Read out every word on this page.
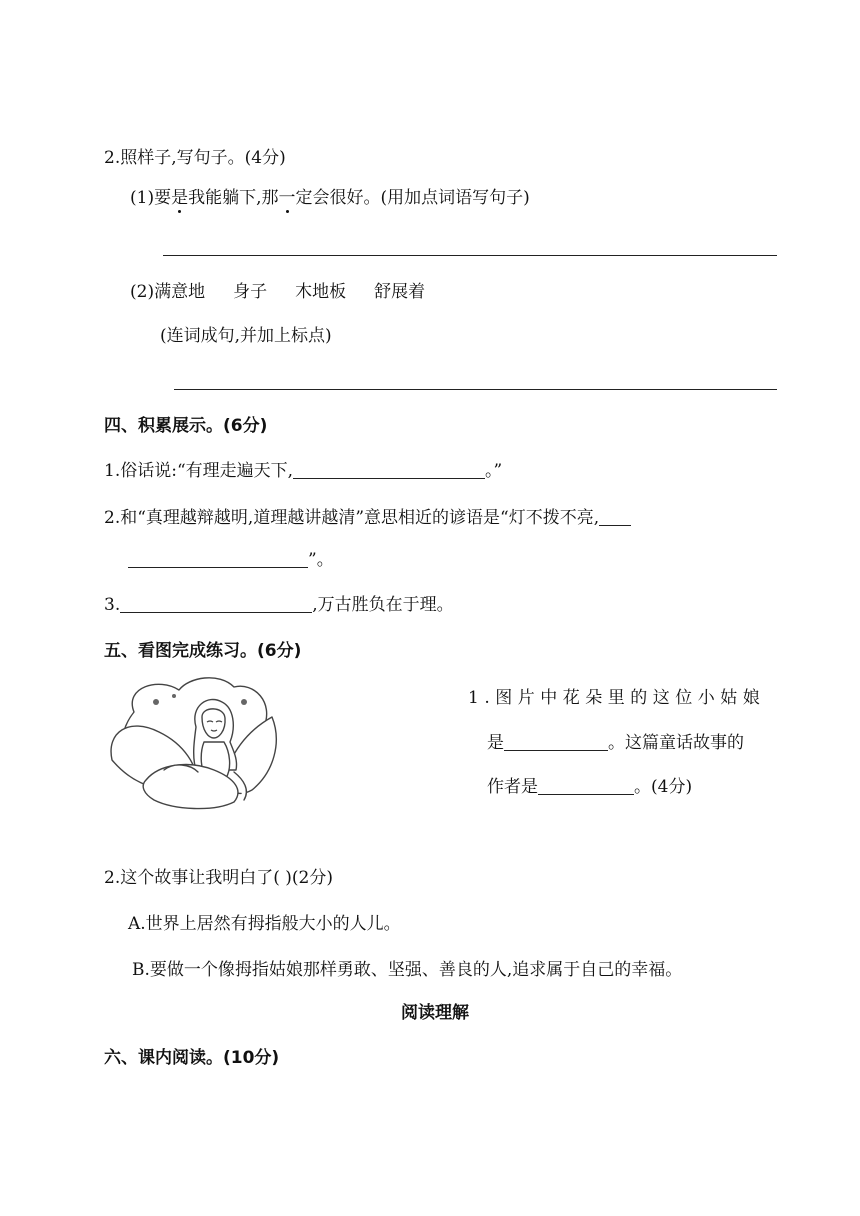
2.照样子,写句子。(4分)
(1)要是我能躺下,那一定会很好。(用加点词语写句子)
(2)满意地 身子 木地板 舒展着
(连词成句,并加上标点)
四、积累展示。(6分)
1.俗话说:“有理走遍天下,	。”
2.和“真理越辩越明,道理越讲越清”意思相近的谚语是“灯不拨不亮,
”。
3.	,万古胜负在于理。
五、看图完成练习。(6分)
1.图片中花朵里的这位小姑娘
是	。这篇童话故事的
作者是	。(4分)
2.这个故事让我明白了( )(2分)
A.世界上居然有拇指般大小的人儿。
B.要做一个像拇指姑娘那样勇敢、坚强、善良的人,追求属于自己的幸福。
阅读理解
六、课内阅读。(10分)
